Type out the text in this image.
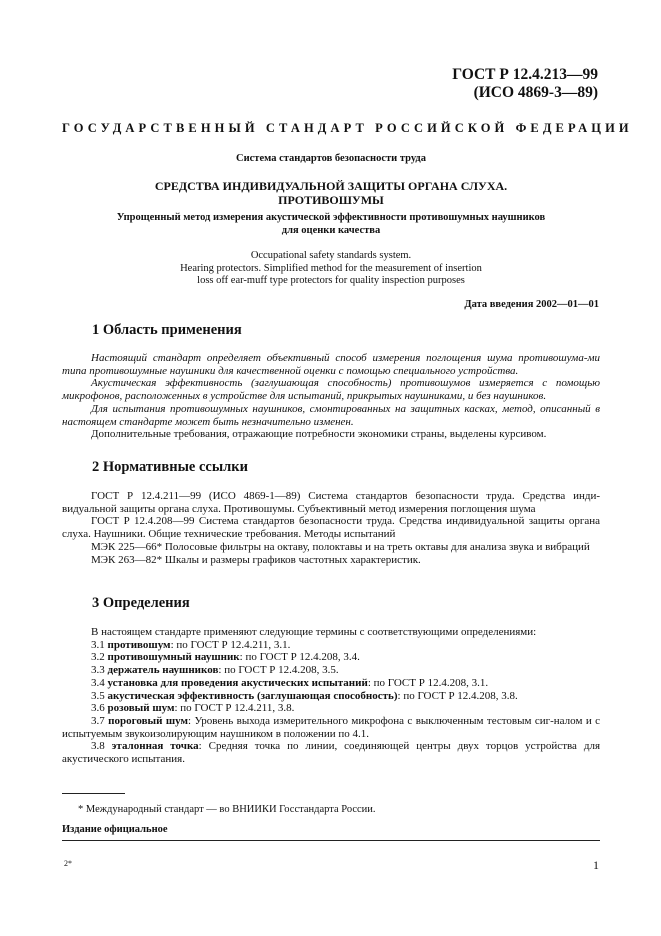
ГОСТ Р 12.4.213—99
(ИСО 4869-3—89)
ГОСУДАРСТВЕННЫЙ СТАНДАРТ РОССИЙСКОЙ ФЕДЕРАЦИИ
Система стандартов безопасности труда
СРЕДСТВА ИНДИВИДУАЛЬНОЙ ЗАЩИТЫ ОРГАНА СЛУХА.
ПРОТИВОШУМЫ
Упрощенный метод измерения акустической эффективности противошумных наушников
для оценки качества
Occupational safety standards system.
Hearing protectors. Simplified method for the measurement of insertion
loss off ear-muff type protectors for quality inspection purposes
Дата введения 2002—01—01
1 Область применения

Настоящий стандарт определяет объективный способ измерения поглощения шума противошума-ми типа противошумные наушники для качественной оценки с помощью специального устройства.

Акустическая эффективность (заглушающая способность) противошумов измеряется с помощью микрофонов, расположенных в устройстве для испытаний, прикрытых наушниками, и без наушников.

Для испытания противошумных наушников, смонтированных на защитных касках, метод, описанный в настоящем стандарте может быть незначительно изменен.

Дополнительные требования, отражающие потребности экономики страны, выделены курсивом.

2 Нормативные ссылки

ГОСТ Р 12.4.211—99 (ИСО 4869-1—89) Система стандартов безопасности труда. Средства инди-видуальной защиты органа слуха. Противошумы. Субъективный метод измерения поглощения шума

ГОСТ Р 12.4.208—99 Система стандартов безопасности труда. Средства индивидуальной защиты органа слуха. Наушники. Общие технические требования. Методы испытаний

МЭК 225—66* Полосовые фильтры на октаву, полоктавы и на треть октавы для анализа звука и вибраций

МЭК 263—82* Шкалы и размеры графиков частотных характеристик.

3 Определения

В настоящем стандарте применяют следующие термины с соответствующими определениями:

3.1 противошум: по ГОСТ Р 12.4.211, 3.1.

3.2 противошумный наушник: по ГОСТ Р 12.4.208, 3.4.

3.3 держатель наушников: по ГОСТ Р 12.4.208, 3.5.

3.4 установка для проведения акустических испытаний: по ГОСТ Р 12.4.208, 3.1.

3.5 акустическая эффективность (заглушающая способность): по ГОСТ Р 12.4.208, 3.8.

3.6 розовый шум: по ГОСТ Р 12.4.211, 3.8.

3.7 пороговый шум: Уровень выхода измерительного микрофона с выключенным тестовым сиг-налом и с испытуемым звукоизолирующим наушником в положении по 4.1.

3.8 эталонная точка: Средняя точка по линии, соединяющей центры двух торцов устройства для акустического испытания.

* Международный стандарт — во ВНИИКИ Госстандарта России.
Издание официальное
2*	1
